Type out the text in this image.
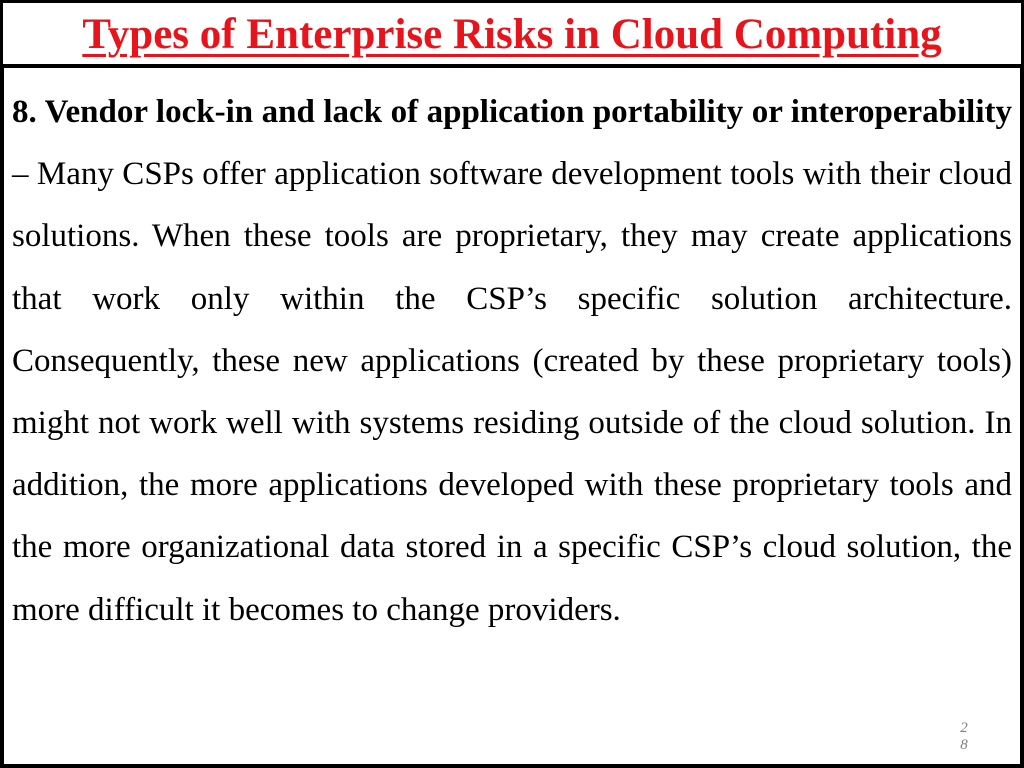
Types of Enterprise Risks in Cloud Computing

8. Vendor lock-in and lack of application portability or interoperability – Many CSPs offer application software development tools with their cloud solutions. When these tools are proprietary, they may create applications that work only within the CSP’s specific solution architecture. Consequently, these new applications (created by these proprietary tools) might not work well with systems residing outside of the cloud solution. In addition, the more applications developed with these proprietary tools and the more organizational data stored in a specific CSP’s cloud solution, the more difficult it becomes to change providers.

28
